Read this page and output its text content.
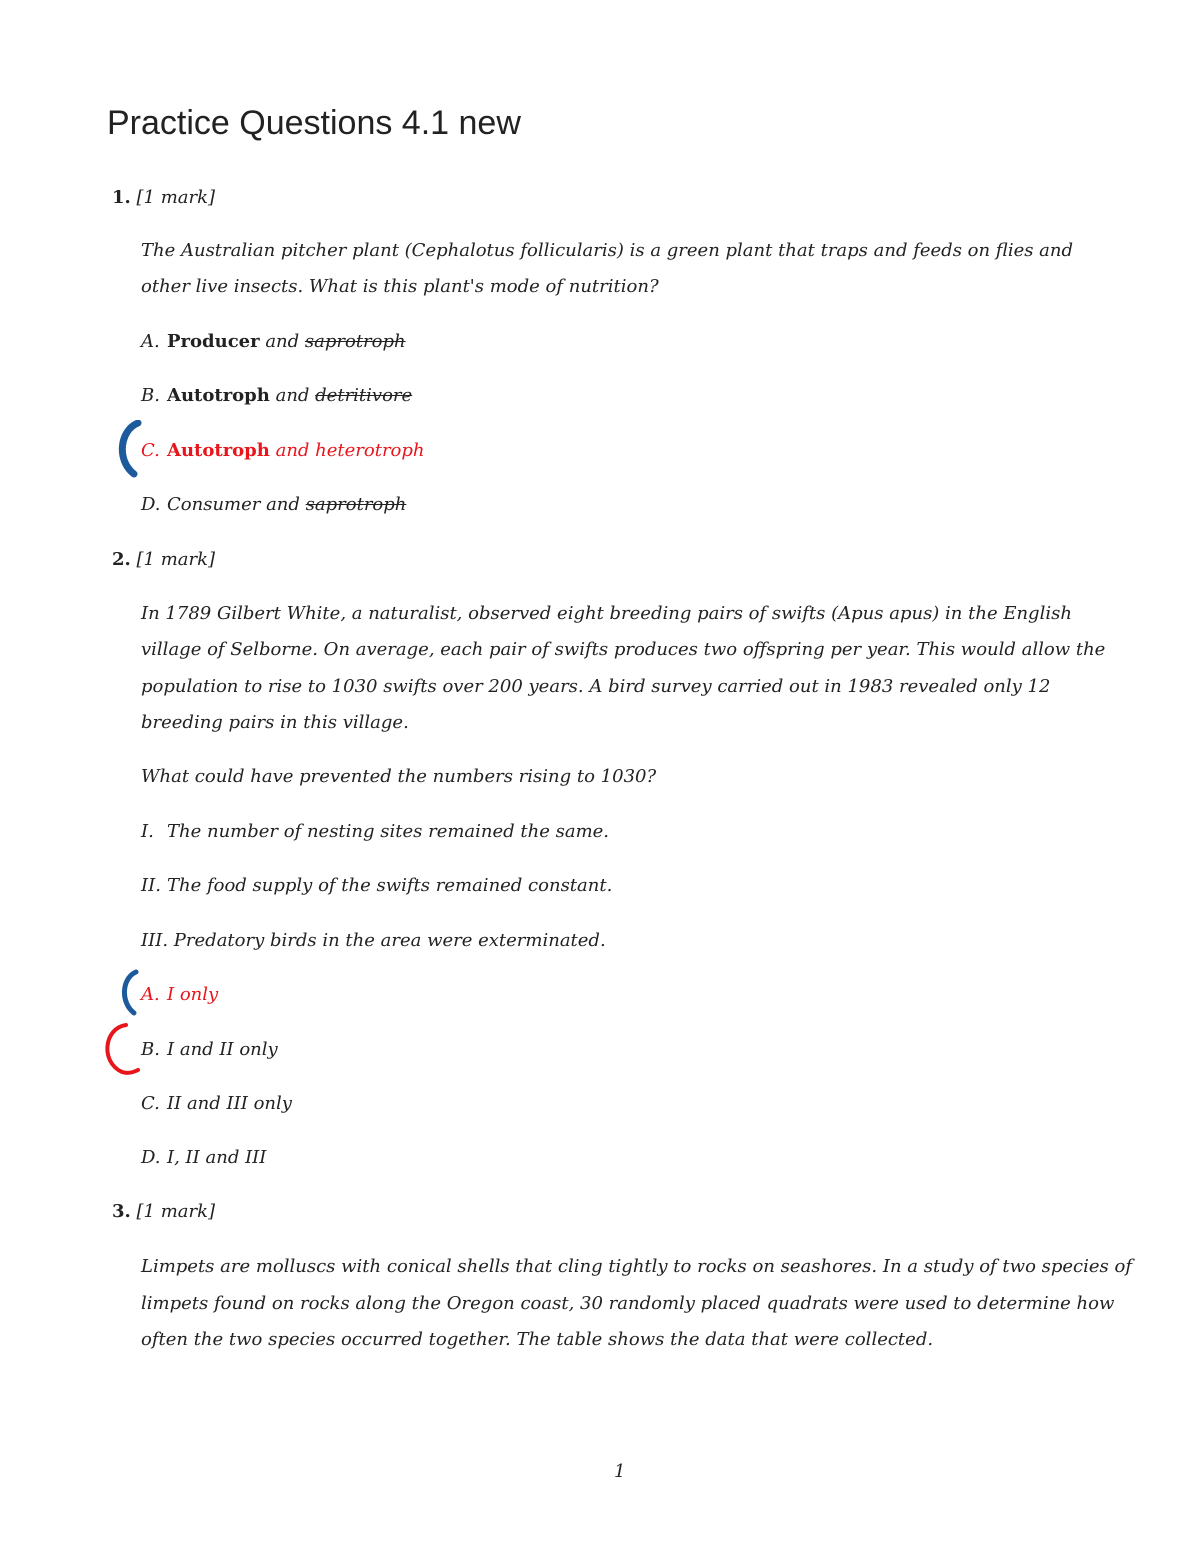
Practice Questions 4.1 new
1. [1 mark]
The Australian pitcher plant (Cephalotus follicularis) is a green plant that traps and feeds on flies and
other live insects. What is this plant's mode of nutrition?
A. Producer and saprotroph
B. Autotroph and detritivore
C. Autotroph and heterotroph
D. Consumer and saprotroph
2. [1 mark]
In 1789 Gilbert White, a naturalist, observed eight breeding pairs of swifts (Apus apus) in the English
village of Selborne. On average, each pair of swifts produces two offspring per year. This would allow the
population to rise to 1030 swifts over 200 years. A bird survey carried out in 1983 revealed only 12
breeding pairs in this village.
What could have prevented the numbers rising to 1030?
I. The number of nesting sites remained the same.
II. The food supply of the swifts remained constant.
III. Predatory birds in the area were exterminated.
A. I only
B. I and II only
C. II and III only
D. I, II and III
3. [1 mark]
Limpets are molluscs with conical shells that cling tightly to rocks on seashores. In a study of two species of
limpets found on rocks along the Oregon coast, 30 randomly placed quadrats were used to determine how
often the two species occurred together. The table shows the data that were collected.
1
